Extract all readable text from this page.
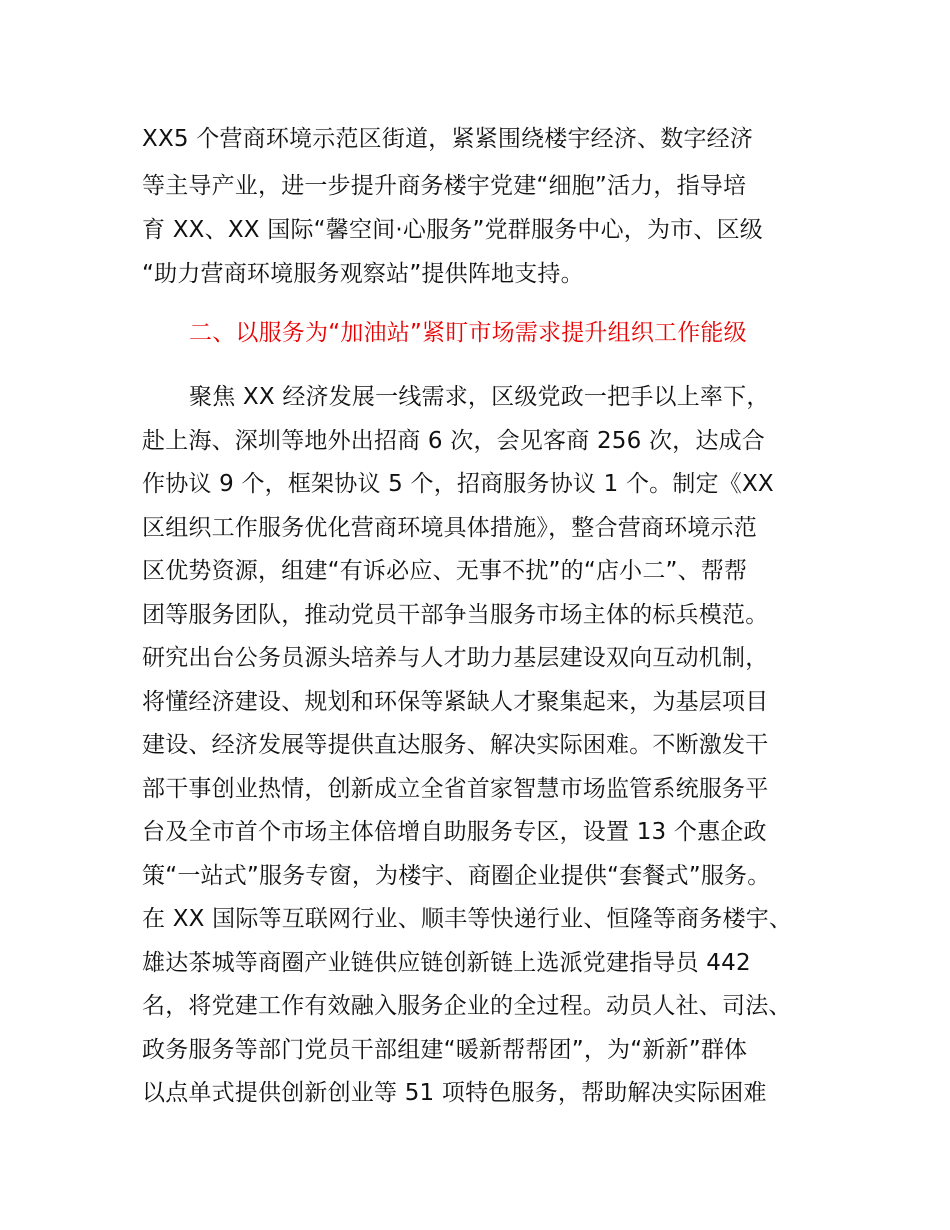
XX5 个营商环境示范区街道，紧紧围绕楼宇经济、数字经济
等主导产业，进一步提升商务楼宇党建“细胞”活力，指导培
育 XX、XX 国际“馨空间·心服务”党群服务中心，为市、区级
“助力营商环境服务观察站”提供阵地支持。
二、以服务为“加油站”紧盯市场需求提升组织工作能级
聚焦 XX 经济发展一线需求，区级党政一把手以上率下，
赴上海、深圳等地外出招商 6 次，会见客商 256 次，达成合
作协议 9 个，框架协议 5 个，招商服务协议 1 个。制定《XX
区组织工作服务优化营商环境具体措施》，整合营商环境示范
区优势资源，组建“有诉必应、无事不扰”的“店小二”、帮帮
团等服务团队，推动党员干部争当服务市场主体的标兵模范。
研究出台公务员源头培养与人才助力基层建设双向互动机制，
将懂经济建设、规划和环保等紧缺人才聚集起来，为基层项目
建设、经济发展等提供直达服务、解决实际困难。不断激发干
部干事创业热情，创新成立全省首家智慧市场监管系统服务平
台及全市首个市场主体倍增自助服务专区，设置 13 个惠企政
策“一站式”服务专窗，为楼宇、商圈企业提供“套餐式”服务。
在 XX 国际等互联网行业、顺丰等快递行业、恒隆等商务楼宇、
雄达茶城等商圈产业链供应链创新链上选派党建指导员 442
名，将党建工作有效融入服务企业的全过程。动员人社、司法、
政务服务等部门党员干部组建“暖新帮帮团”，为“新新”群体
以点单式提供创新创业等 51 项特色服务，帮助解决实际困难
